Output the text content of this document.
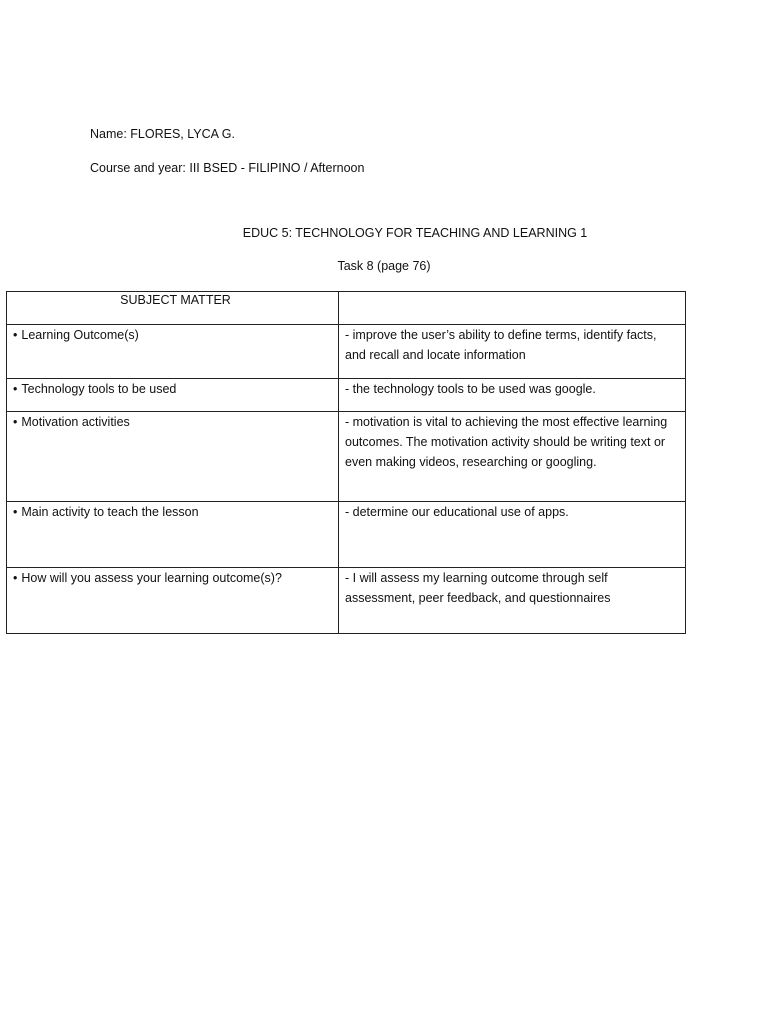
Name: FLORES, LYCA G.
Course and year: III BSED - FILIPINO / Afternoon
EDUC 5: TECHNOLOGY FOR TEACHING AND LEARNING 1
Task 8 (page 76)
SUBJECT MATTER	

• Learning Outcome(s)	- improve the user’s ability to define terms, identify facts, and recall and locate information

• Technology tools to be used	- the technology tools to be used was google.

• Motivation activities	- motivation is vital to achieving the most effective learning outcomes. The motivation activity should be writing text or even making videos, researching or googling.

• Main activity to teach the lesson	- determine our educational use of apps.

• How will you assess your learning outcome(s)?	- I will assess my learning outcome through self assessment, peer feedback, and questionnaires
